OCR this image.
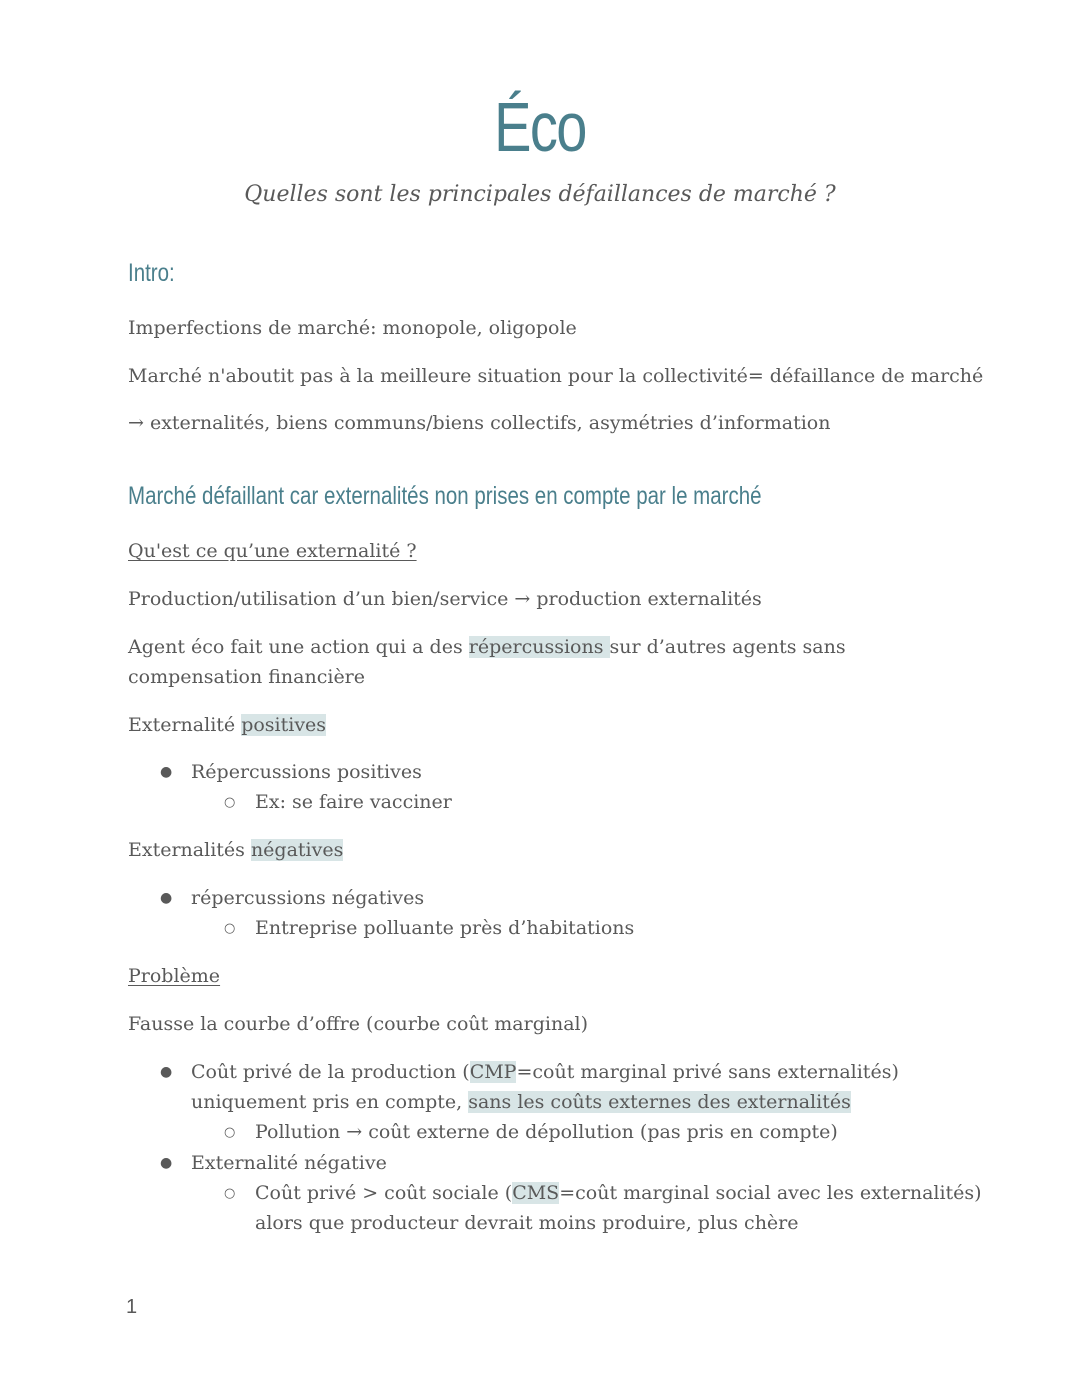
Éco
Quelles sont les principales défaillances de marché ?
Intro:
Imperfections de marché: monopole, oligopole
Marché n'aboutit pas à la meilleure situation pour la collectivité= défaillance de marché
→ externalités, biens communs/biens collectifs, asymétries d’information
Marché défaillant car externalités non prises en compte par le marché
Qu'est ce qu’une externalité ?
Production/utilisation d’un bien/service → production externalités
Agent éco fait une action qui a des répercussions sur d’autres agents sans compensation financière
Externalité positives
● Répercussions positives
○ Ex: se faire vacciner
Externalités négatives
● répercussions négatives
○ Entreprise polluante près d’habitations
Problème
Fausse la courbe d’offre (courbe coût marginal)
● Coût privé de la production (CMP=coût marginal privé sans externalités)
uniquement pris en compte, sans les coûts externes des externalités
○ Pollution → coût externe de dépollution (pas pris en compte)
● Externalité négative
○ Coût privé > coût sociale (CMS=coût marginal social avec les externalités)
alors que producteur devrait moins produire, plus chère
1
